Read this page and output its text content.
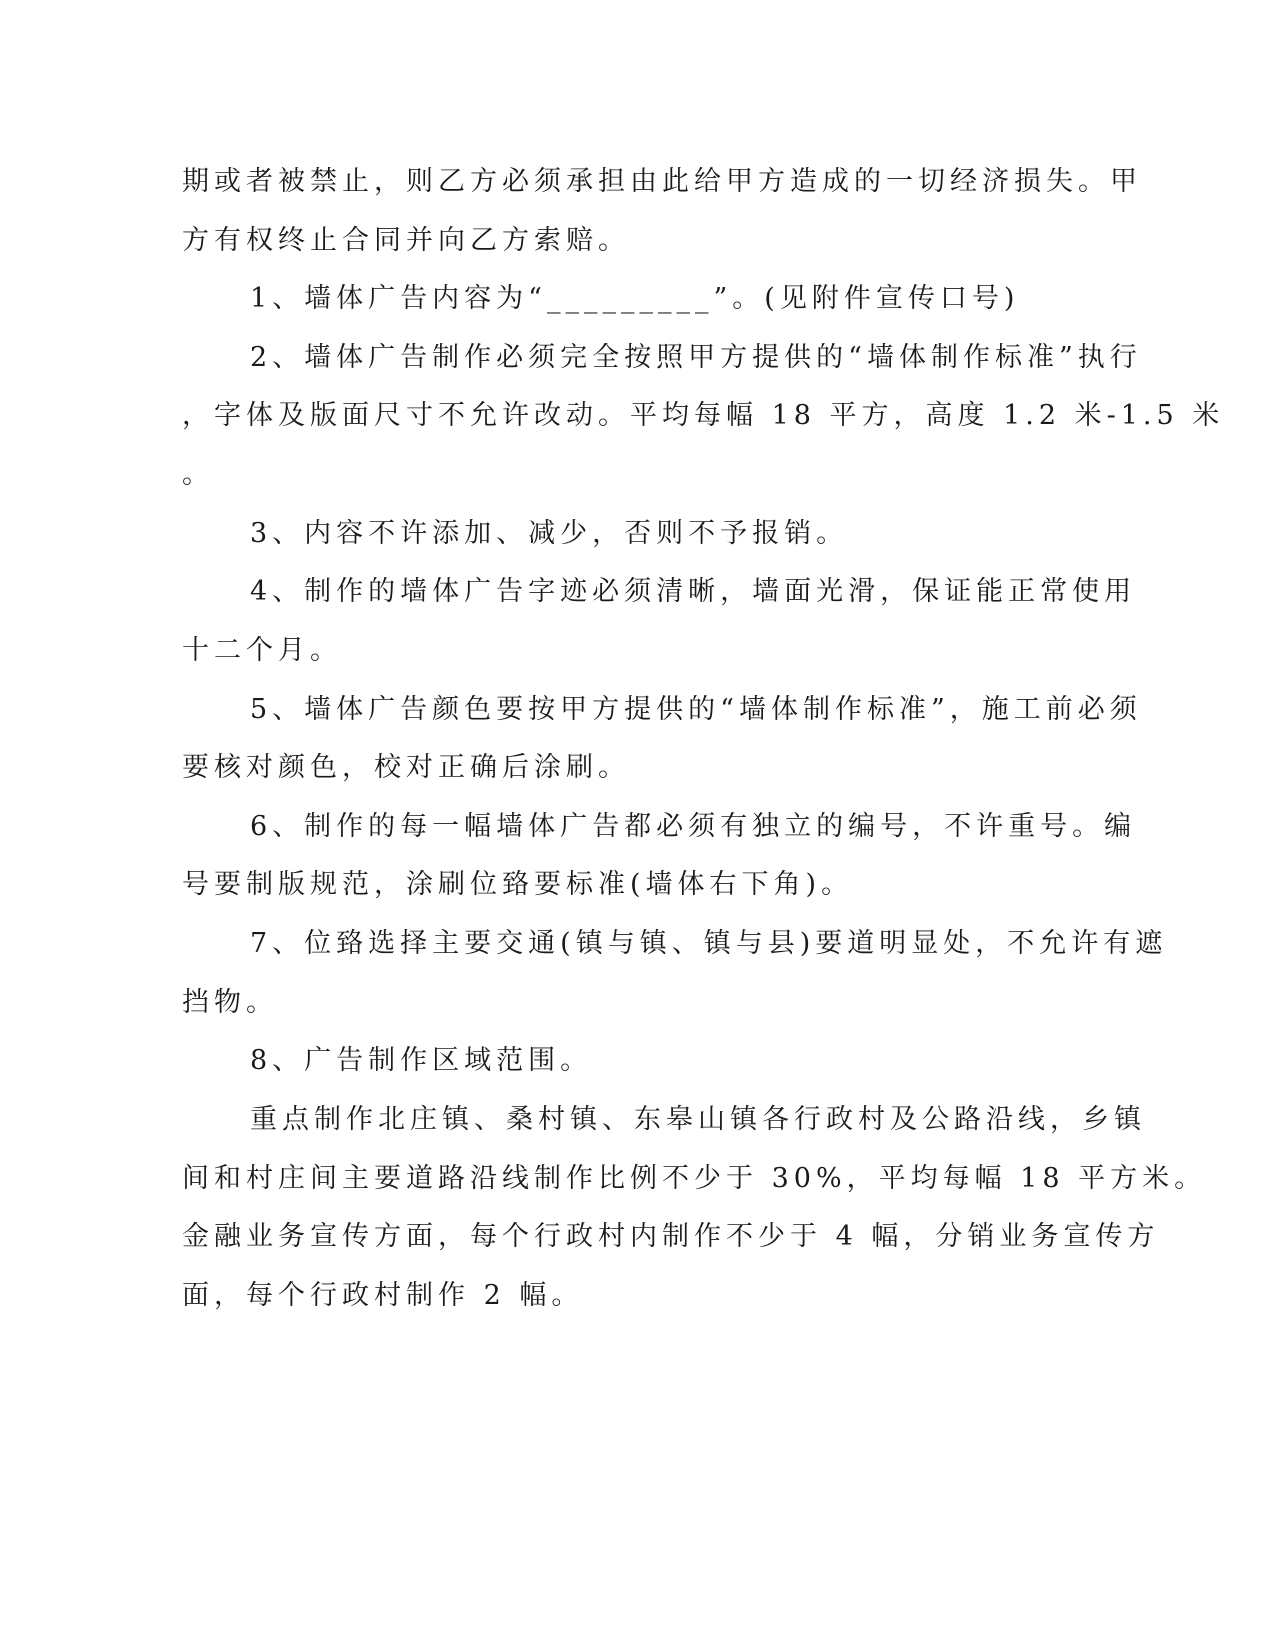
期或者被禁止，则乙方必须承担由此给甲方造成的一切经济损失。甲
方有权终止合同并向乙方索赔。
1、墙体广告内容为“_________”。(见附件宣传口号)
2、墙体广告制作必须完全按照甲方提供的“墙体制作标准”执行
，字体及版面尺寸不允许改动。平均每幅 18 平方，高度 1.2 米-1.5 米
。
3、内容不许添加、减少，否则不予报销。
4、制作的墙体广告字迹必须清晰，墙面光滑，保证能正常使用
十二个月。
5、墙体广告颜色要按甲方提供的“墙体制作标准”，施工前必须
要核对颜色，校对正确后涂刷。
6、制作的每一幅墙体广告都必须有独立的编号，不许重号。编
号要制版规范，涂刷位臵要标准(墙体右下角)。
7、位臵选择主要交通(镇与镇、镇与县)要道明显处，不允许有遮
挡物。
8、广告制作区域范围。
重点制作北庄镇、桑村镇、东皋山镇各行政村及公路沿线，乡镇
间和村庄间主要道路沿线制作比例不少于 30%，平均每幅 18 平方米。
金融业务宣传方面，每个行政村内制作不少于 4 幅，分销业务宣传方
面，每个行政村制作 2 幅。
